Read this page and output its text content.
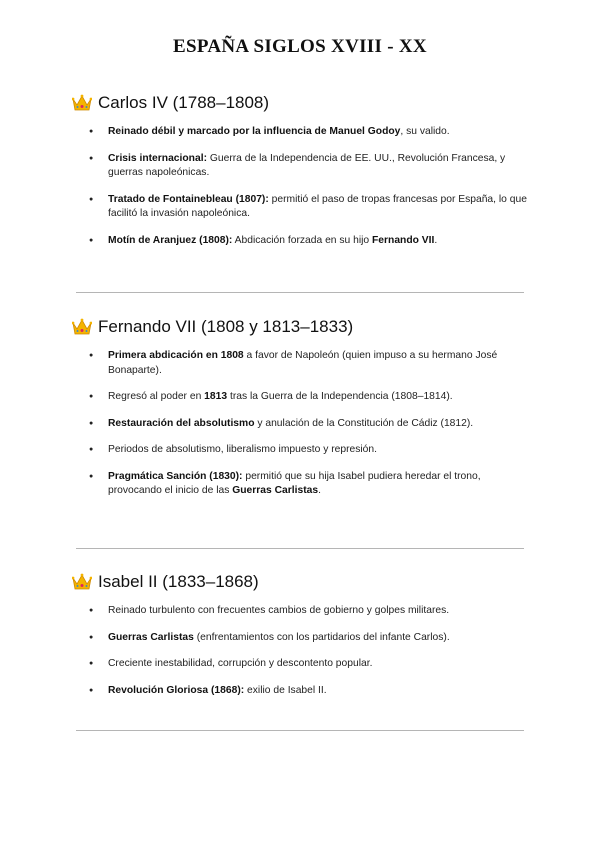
ESPAÑA SIGLOS XVIII - XX
Carlos IV (1788–1808)
● Reinado débil y marcado por la influencia de Manuel Godoy, su valido.
● Crisis internacional: Guerra de la Independencia de EE. UU., Revolución Francesa, y guerras napoleónicas.
● Tratado de Fontainebleau (1807): permitió el paso de tropas francesas por España, lo que facilitó la invasión napoleónica.
● Motín de Aranjuez (1808): Abdicación forzada en su hijo Fernando VII.
Fernando VII (1808 y 1813–1833)
● Primera abdicación en 1808 a favor de Napoleón (quien impuso a su hermano José Bonaparte).
● Regresó al poder en 1813 tras la Guerra de la Independencia (1808–1814).
● Restauración del absolutismo y anulación de la Constitución de Cádiz (1812).
● Periodos de absolutismo, liberalismo impuesto y represión.
● Pragmática Sanción (1830): permitió que su hija Isabel pudiera heredar el trono, provocando el inicio de las Guerras Carlistas.
Isabel II (1833–1868)
● Reinado turbulento con frecuentes cambios de gobierno y golpes militares.
● Guerras Carlistas (enfrentamientos con los partidarios del infante Carlos).
● Creciente inestabilidad, corrupción y descontento popular.
● Revolución Gloriosa (1868): exilio de Isabel II.
